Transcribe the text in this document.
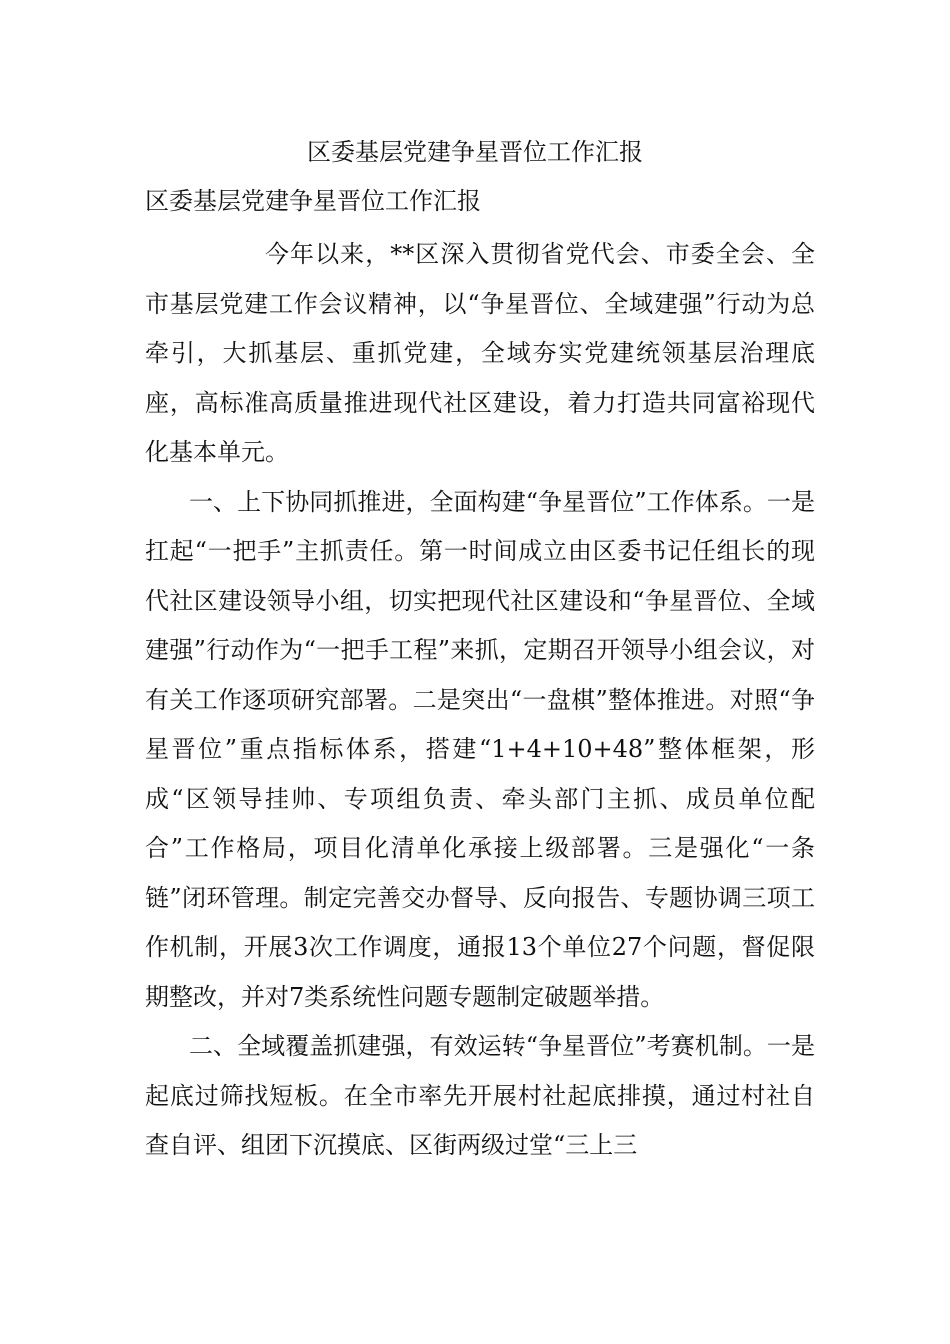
区委基层党建争星晋位工作汇报
区委基层党建争星晋位工作汇报

今年以来，**区深入贯彻省党代会、市委全会、全市基层党建工作会议精神，以“争星晋位、全域建强”行动为总牵引，大抓基层、重抓党建，全域夯实党建统领基层治理底座，高标准高质量推进现代社区建设，着力打造共同富裕现代化基本单元。

一、上下协同抓推进，全面构建“争星晋位”工作体系。一是扛起“一把手”主抓责任。第一时间成立由区委书记任组长的现代社区建设领导小组，切实把现代社区建设和“争星晋位、全域建强”行动作为“一把手工程”来抓，定期召开领导小组会议，对有关工作逐项研究部署。二是突出“一盘棋”整体推进。对照“争星晋位”重点指标体系，搭建“1+4+10+48”整体框架，形成“区领导挂帅、专项组负责、牵头部门主抓、成员单位配合”工作格局，项目化清单化承接上级部署。三是强化“一条链”闭环管理。制定完善交办督导、反向报告、专题协调三项工作机制，开展3次工作调度，通报13个单位27个问题，督促限期整改，并对7类系统性问题专题制定破题举措。

二、全域覆盖抓建强，有效运转“争星晋位”考赛机制。一是起底过筛找短板。在全市率先开展村社起底排摸，通过村社自查自评、组团下沉摸底、区街两级过堂“三上三
